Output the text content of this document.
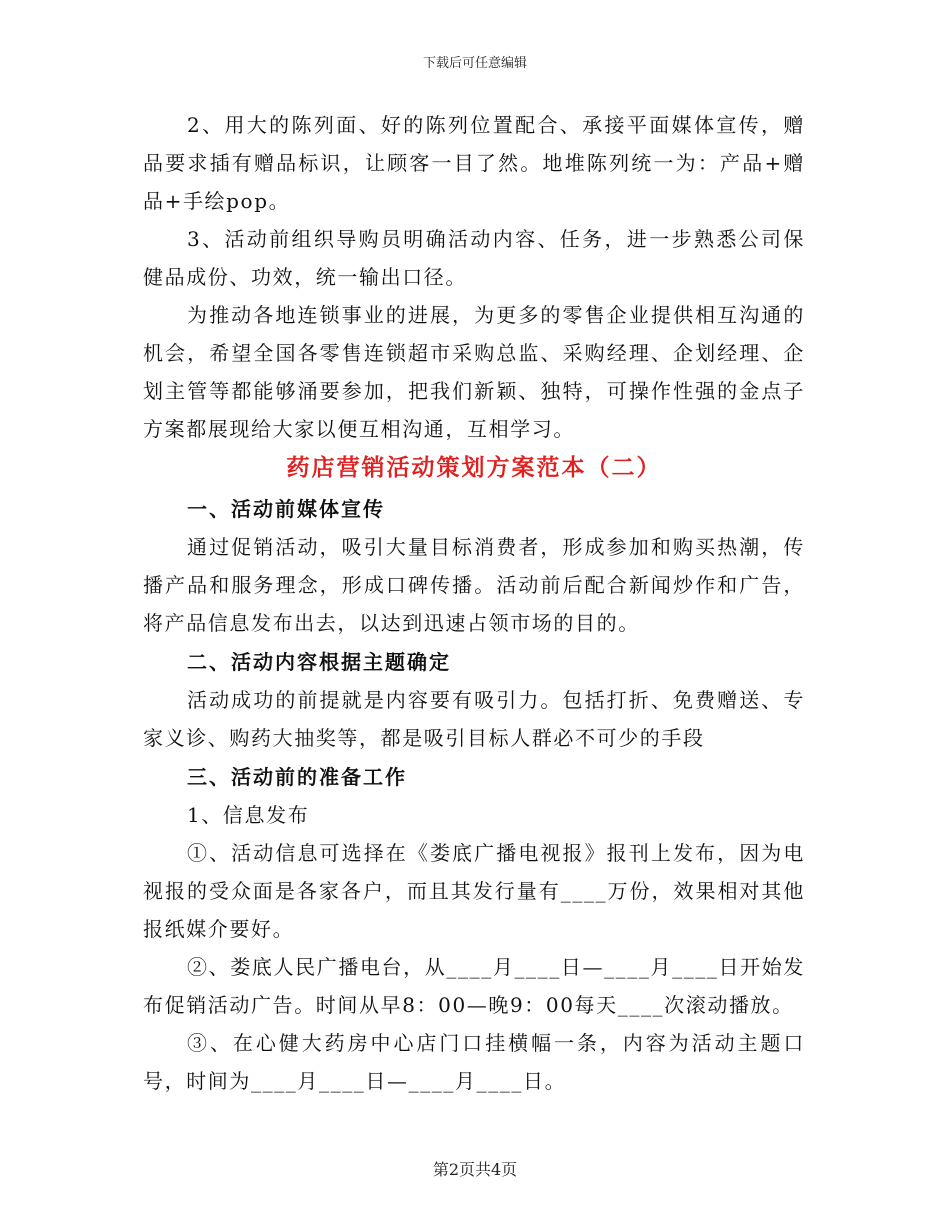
下载后可任意编辑

2、用大的陈列面、好的陈列位置配合、承接平面媒体宣传，赠品要求插有赠品标识，让顾客一目了然。地堆陈列统一为：产品+赠品+手绘pop。

3、活动前组织导购员明确活动内容、任务，进一步熟悉公司保健品成份、功效，统一输出口径。

为推动各地连锁事业的进展，为更多的零售企业提供相互沟通的机会，希望全国各零售连锁超市采购总监、采购经理、企划经理、企划主管等都能够涌要参加，把我们新颖、独特，可操作性强的金点子方案都展现给大家以便互相沟通，互相学习。

药店营销活动策划方案范本（二）

一、活动前媒体宣传

通过促销活动，吸引大量目标消费者，形成参加和购买热潮，传播产品和服务理念，形成口碑传播。活动前后配合新闻炒作和广告，将产品信息发布出去，以达到迅速占领市场的目的。

二、活动内容根据主题确定

活动成功的前提就是内容要有吸引力。包括打折、免费赠送、专家义诊、购药大抽奖等，都是吸引目标人群必不可少的手段

三、活动前的准备工作

1、信息发布

①、活动信息可选择在《娄底广播电视报》报刊上发布，因为电视报的受众面是各家各户，而且其发行量有____万份，效果相对其他报纸媒介要好。

②、娄底人民广播电台，从____月____日—____月____日开始发布促销活动广告。时间从早8：00—晚9：00每天____次滚动播放。

③、在心健大药房中心店门口挂横幅一条，内容为活动主题口号，时间为____月____日—____月____日。

第2页共4页
